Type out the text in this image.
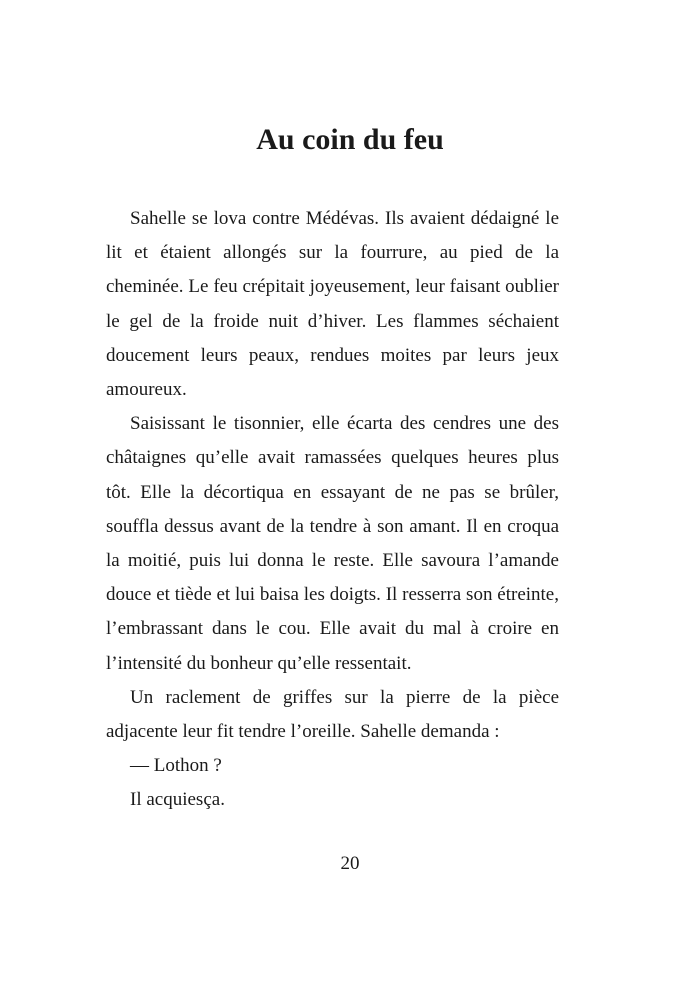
Au coin du feu

Sahelle se lova contre Médévas. Ils avaient dédaigné le lit et étaient allongés sur la fourrure, au pied de la cheminée. Le feu crépitait joyeusement, leur faisant oublier le gel de la froide nuit d’hiver. Les flammes séchaient doucement leurs peaux, rendues moites par leurs jeux amoureux.

Saisissant le tisonnier, elle écarta des cendres une des châtaignes qu’elle avait ramassées quelques heures plus tôt. Elle la décortiqua en essayant de ne pas se brûler, souffla dessus avant de la tendre à son amant. Il en croqua la moitié, puis lui donna le reste. Elle savoura l’amande douce et tiède et lui baisa les doigts. Il resserra son étreinte, l’embrassant dans le cou. Elle avait du mal à croire en l’intensité du bonheur qu’elle ressentait.

Un raclement de griffes sur la pierre de la pièce adjacente leur fit tendre l’oreille. Sahelle demanda :

— Lothon ?

Il acquiesça.

20
